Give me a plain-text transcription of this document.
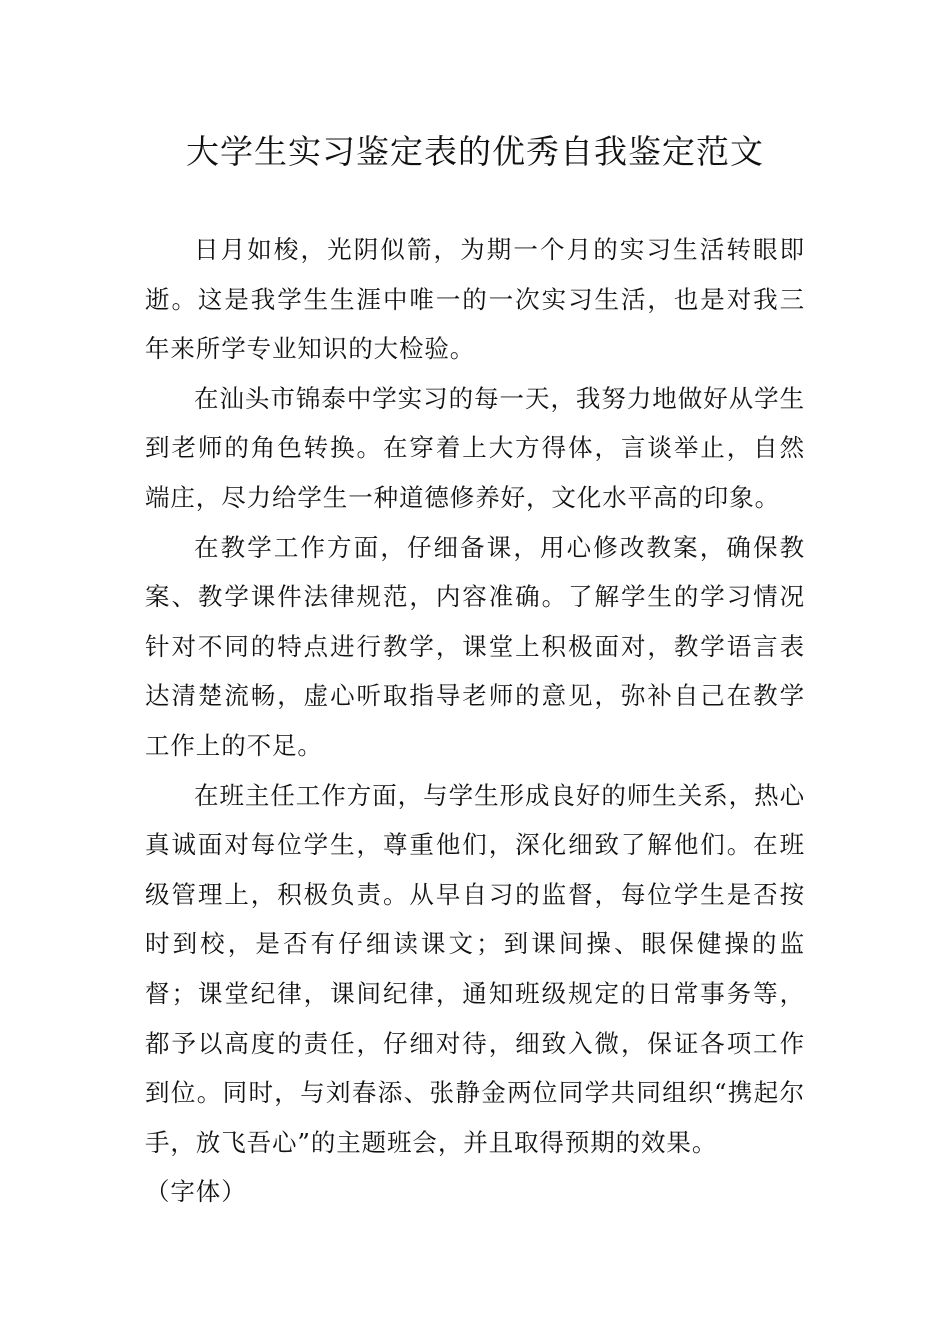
大学生实习鉴定表的优秀自我鉴定范文

日月如梭，光阴似箭，为期一个月的实习生活转眼即逝。这是我学生生涯中唯一的一次实习生活，也是对我三年来所学专业知识的大检验。

在汕头市锦泰中学实习的每一天，我努力地做好从学生到老师的角色转换。在穿着上大方得体，言谈举止，自然端庄，尽力给学生一种道德修养好，文化水平高的印象。

在教学工作方面，仔细备课，用心修改教案，确保教案、教学课件法律规范，内容准确。了解学生的学习情况针对不同的特点进行教学，课堂上积极面对，教学语言表达清楚流畅，虚心听取指导老师的意见，弥补自己在教学工作上的不足。

在班主任工作方面，与学生形成良好的师生关系，热心真诚面对每位学生，尊重他们，深化细致了解他们。在班级管理上，积极负责。从早自习的监督，每位学生是否按时到校，是否有仔细读课文；到课间操、眼保健操的监督；课堂纪律，课间纪律，通知班级规定的日常事务等，都予以高度的责任，仔细对待，细致入微，保证各项工作到位。同时，与刘春添、张静金两位同学共同组织“携起尔手，放飞吾心”的主题班会，并且取得预期的效果。

（字体）
